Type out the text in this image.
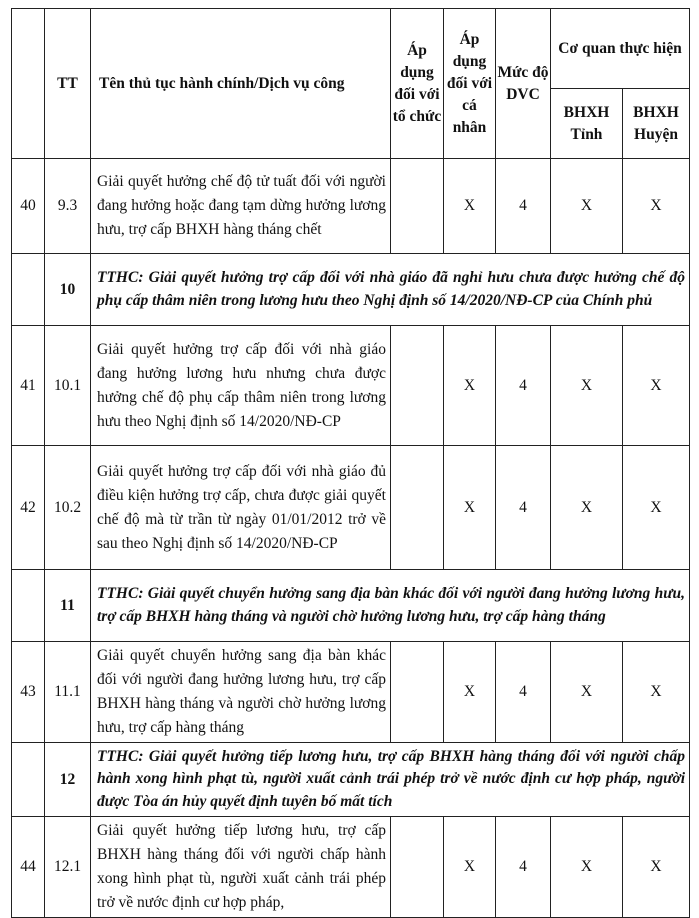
	TT	Tên thủ tục hành chính/Dịch vụ công	Áp dụng đối với tổ chức	Áp dụng đối với cá nhân	Mức độ DVC	Cơ quan thực hiện	
						BHXH Tỉnh	BHXH Huyện
40	9.3	Giải quyết hưởng chế độ tử tuất đối với người đang hưởng hoặc đang tạm dừng hưởng lương hưu, trợ cấp BHXH hàng tháng chết		X	4	X	X
	10	TTHC: Giải quyết hưởng trợ cấp đối với nhà giáo đã nghỉ hưu chưa được hưởng chế độ phụ cấp thâm niên trong lương hưu theo Nghị định số 14/2020/NĐ-CP của Chính phủ					
41	10.1	Giải quyết hưởng trợ cấp đối với nhà giáo đang hưởng lương hưu nhưng chưa được hưởng chế độ phụ cấp thâm niên trong lương hưu theo Nghị định số 14/2020/NĐ-CP		X	4	X	X
42	10.2	Giải quyết hưởng trợ cấp đối với nhà giáo đủ điều kiện hưởng trợ cấp, chưa được giải quyết chế độ mà từ trần từ ngày 01/01/2012 trở về sau theo Nghị định số 14/2020/NĐ-CP		X	4	X	X
	11	TTHC: Giải quyết chuyển hưởng sang địa bàn khác đối với người đang hưởng lương hưu, trợ cấp BHXH hàng tháng và người chờ hưởng lương hưu, trợ cấp hàng tháng					
43	11.1	Giải quyết chuyển hưởng sang địa bàn khác đối với người đang hưởng lương hưu, trợ cấp BHXH hàng tháng và người chờ hưởng lương hưu, trợ cấp hàng tháng		X	4	X	X
	12	TTHC: Giải quyết hưởng tiếp lương hưu, trợ cấp BHXH hàng tháng đối với người chấp hành xong hình phạt tù, người xuất cảnh trái phép trở về nước định cư hợp pháp, người được Tòa án hủy quyết định tuyên bố mất tích					
44	12.1	Giải quyết hưởng tiếp lương hưu, trợ cấp BHXH hàng tháng đối với người chấp hành xong hình phạt tù, người xuất cảnh trái phép trở về nước định cư hợp pháp,		X	4	X	X
